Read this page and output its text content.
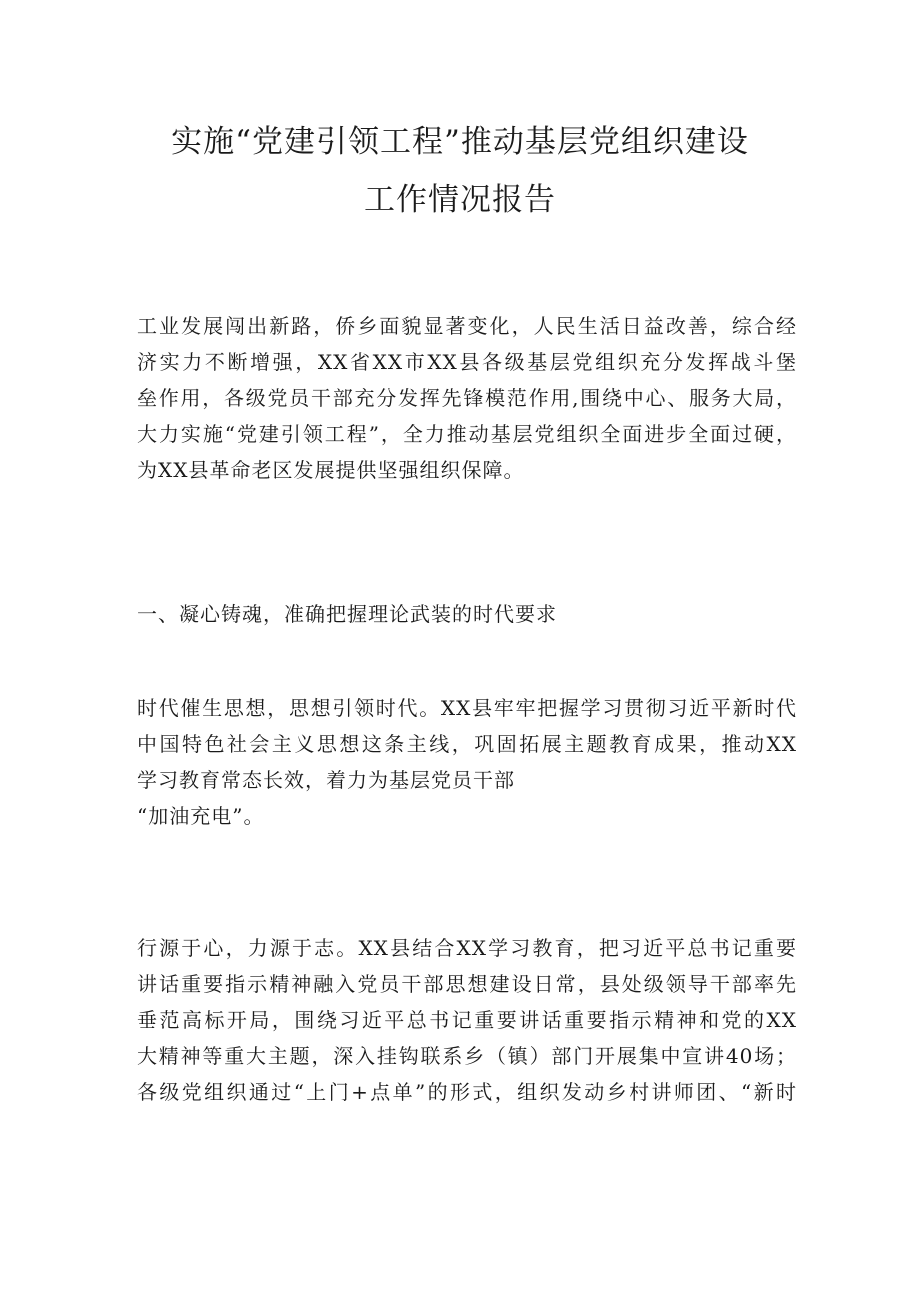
实施“党建引领工程”推动基层党组织建设
工作情况报告
工业发展闯出新路，侨乡面貌显著变化，人民生活日益改善，综合经
济实力不断增强，XX省XX市XX县各级基层党组织充分发挥战斗堡
垒作用，各级党员干部充分发挥先锋模范作用,围绕中心、服务大局，
大力实施“党建引领工程”，全力推动基层党组织全面进步全面过硬，
为XX县革命老区发展提供坚强组织保障。
一、凝心铸魂，准确把握理论武装的时代要求
时代催生思想，思想引领时代。XX县牢牢把握学习贯彻习近平新时代
中国特色社会主义思想这条主线，巩固拓展主题教育成果，推动XX
学习教育常态长效，着力为基层党员干部
“加油充电”。
行源于心，力源于志。XX县结合XX学习教育，把习近平总书记重要
讲话重要指示精神融入党员干部思想建设日常，县处级领导干部率先
垂范高标开局，围绕习近平总书记重要讲话重要指示精神和党的XX
大精神等重大主题，深入挂钩联系乡（镇）部门开展集中宣讲40场；
各级党组织通过“上门+点单”的形式，组织发动乡村讲师团、“新时
